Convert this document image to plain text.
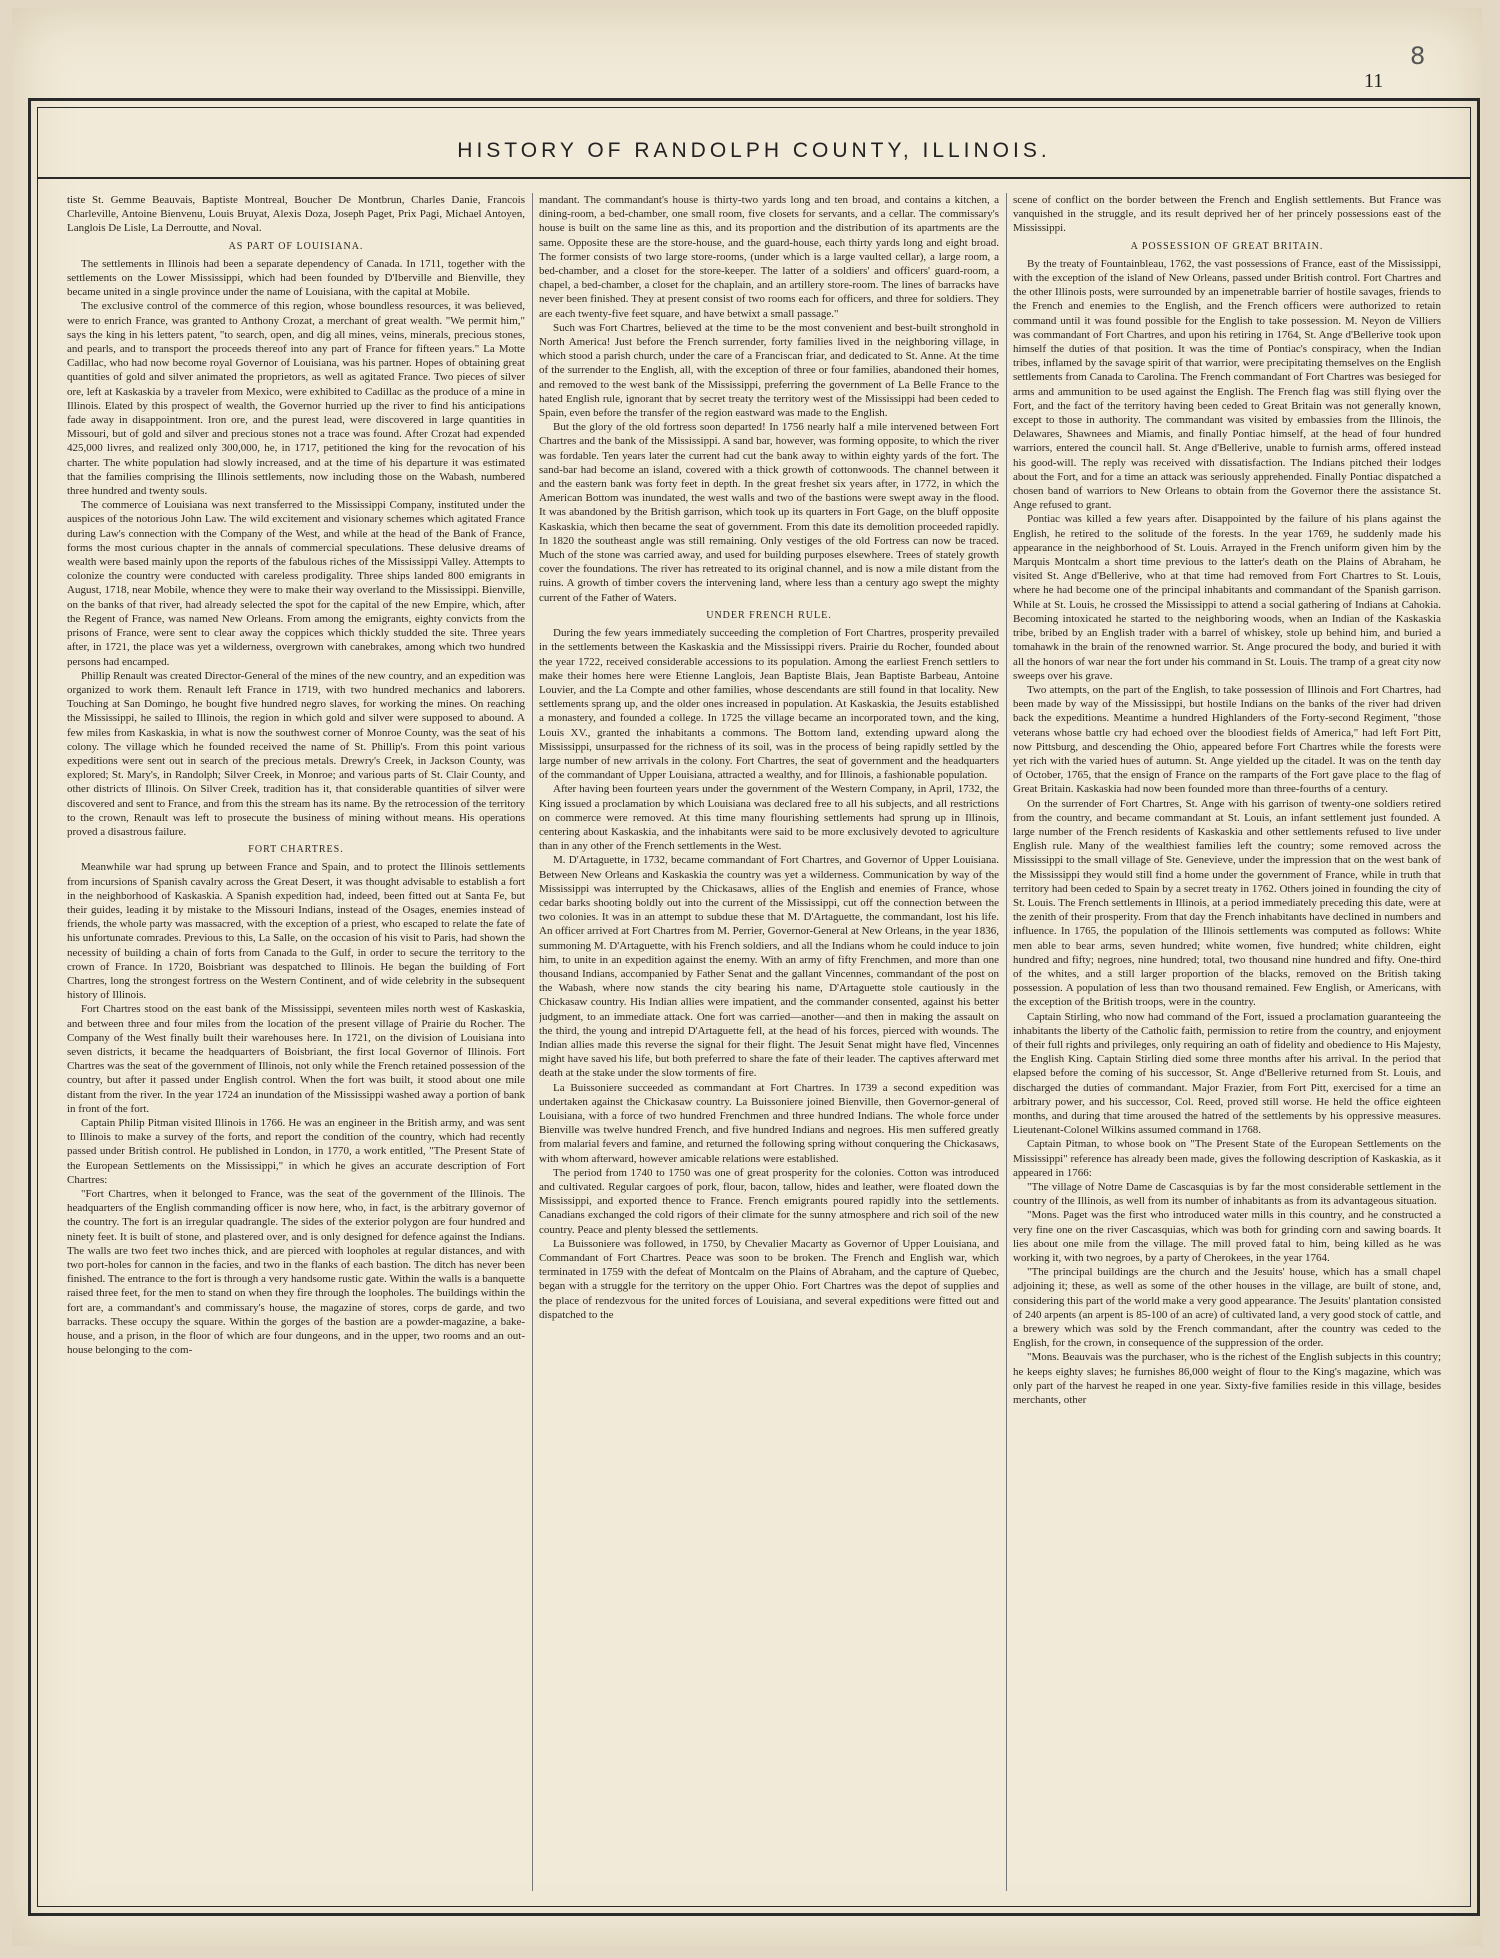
8
11
HISTORY OF RANDOLPH COUNTY, ILLINOIS.

tiste St. Gemme Beauvais, Baptiste Montreal, Boucher De Montbrun, Charles Danie, Francois Charleville, Antoine Bienvenu, Louis Bruyat, Alexis Doza, Joseph Paget, Prix Pagi, Michael Antoyen, Langlois De Lisle, La Derroutte, and Noval.

AS PART OF LOUISIANA.

The settlements in Illinois had been a separate dependency of Canada. In 1711, together with the settlements on the Lower Mississippi, which had been founded by D'Iberville and Bienville, they became united in a single province under the name of Louisiana, with the capital at Mobile.

The exclusive control of the commerce of this region, whose boundless resources, it was believed, were to enrich France, was granted to Anthony Crozat, a merchant of great wealth. "We permit him," says the king in his letters patent, "to search, open, and dig all mines, veins, minerals, precious stones, and pearls, and to transport the proceeds thereof into any part of France for fifteen years." La Motte Cadillac, who had now become royal Governor of Louisiana, was his partner. Hopes of obtaining great quantities of gold and silver animated the proprietors, as well as agitated France. Two pieces of silver ore, left at Kaskaskia by a traveler from Mexico, were exhibited to Cadillac as the produce of a mine in Illinois. Elated by this prospect of wealth, the Governor hurried up the river to find his anticipations fade away in disappointment. Iron ore, and the purest lead, were discovered in large quantities in Missouri, but of gold and silver and precious stones not a trace was found. After Crozat had expended 425,000 livres, and realized only 300,000, he, in 1717, petitioned the king for the revocation of his charter. The white population had slowly increased, and at the time of his departure it was estimated that the families comprising the Illinois settlements, now including those on the Wabash, numbered three hundred and twenty souls.

The commerce of Louisiana was next transferred to the Mississippi Company, instituted under the auspices of the notorious John Law. The wild excitement and visionary schemes which agitated France during Law's connection with the Company of the West, and while at the head of the Bank of France, forms the most curious chapter in the annals of commercial speculations. These delusive dreams of wealth were based mainly upon the reports of the fabulous riches of the Mississippi Valley. Attempts to colonize the country were conducted with careless prodigality. Three ships landed 800 emigrants in August, 1718, near Mobile, whence they were to make their way overland to the Mississippi. Bienville, on the banks of that river, had already selected the spot for the capital of the new Empire, which, after the Regent of France, was named New Orleans. From among the emigrants, eighty convicts from the prisons of France, were sent to clear away the coppices which thickly studded the site. Three years after, in 1721, the place was yet a wilderness, overgrown with canebrakes, among which two hundred persons had encamped.

Phillip Renault was created Director-General of the mines of the new country, and an expedition was organized to work them. Renault left France in 1719, with two hundred mechanics and laborers. Touching at San Domingo, he bought five hundred negro slaves, for working the mines. On reaching the Mississippi, he sailed to Illinois, the region in which gold and silver were supposed to abound. A few miles from Kaskaskia, in what is now the southwest corner of Monroe County, was the seat of his colony. The village which he founded received the name of St. Phillip's. From this point various expeditions were sent out in search of the precious metals. Drewry's Creek, in Jackson County, was explored; St. Mary's, in Randolph; Silver Creek, in Monroe; and various parts of St. Clair County, and other districts of Illinois. On Silver Creek, tradition has it, that considerable quantities of silver were discovered and sent to France, and from this the stream has its name. By the retrocession of the territory to the crown, Renault was left to prosecute the business of mining without means. His operations proved a disastrous failure.

FORT CHARTRES.

Meanwhile war had sprung up between France and Spain, and to protect the Illinois settlements from incursions of Spanish cavalry across the Great Desert, it was thought advisable to establish a fort in the neighborhood of Kaskaskia. A Spanish expedition had, indeed, been fitted out at Santa Fe, but their guides, leading it by mistake to the Missouri Indians, instead of the Osages, enemies instead of friends, the whole party was massacred, with the exception of a priest, who escaped to relate the fate of his unfortunate comrades. Previous to this, La Salle, on the occasion of his visit to Paris, had shown the necessity of building a chain of forts from Canada to the Gulf, in order to secure the territory to the crown of France. In 1720, Boisbriant was despatched to Illinois. He began the building of Fort Chartres, long the strongest fortress on the Western Continent, and of wide celebrity in the subsequent history of Illinois.

Fort Chartres stood on the east bank of the Mississippi, seventeen miles north west of Kaskaskia, and between three and four miles from the location of the present village of Prairie du Rocher. The Company of the West finally built their warehouses here. In 1721, on the division of Louisiana into seven districts, it became the headquarters of Boisbriant, the first local Governor of Illinois. Fort Chartres was the seat of the government of Illinois, not only while the French retained possession of the country, but after it passed under English control. When the fort was built, it stood about one mile distant from the river. In the year 1724 an inundation of the Mississippi washed away a portion of bank in front of the fort.

Captain Philip Pitman visited Illinois in 1766. He was an engineer in the British army, and was sent to Illinois to make a survey of the forts, and report the condition of the country, which had recently passed under British control. He published in London, in 1770, a work entitled, "The Present State of the European Settlements on the Mississippi," in which he gives an accurate description of Fort Chartres:

"Fort Chartres, when it belonged to France, was the seat of the government of the Illinois. The headquarters of the English commanding officer is now here, who, in fact, is the arbitrary governor of the country. The fort is an irregular quadrangle. The sides of the exterior polygon are four hundred and ninety feet. It is built of stone, and plastered over, and is only designed for defence against the Indians. The walls are two feet two inches thick, and are pierced with loopholes at regular distances, and with two port-holes for cannon in the facies, and two in the flanks of each bastion. The ditch has never been finished. The entrance to the fort is through a very handsome rustic gate. Within the walls is a banquette raised three feet, for the men to stand on when they fire through the loopholes. The buildings within the fort are, a commandant's and commissary's house, the magazine of stores, corps de garde, and two barracks. These occupy the square. Within the gorges of the bastion are a powder-magazine, a bake-house, and a prison, in the floor of which are four dungeons, and in the upper, two rooms and an out-house belonging to the com-

mandant. The commandant's house is thirty-two yards long and ten broad, and contains a kitchen, a dining-room, a bed-chamber, one small room, five closets for servants, and a cellar. The commissary's house is built on the same line as this, and its proportion and the distribution of its apartments are the same. Opposite these are the store-house, and the guard-house, each thirty yards long and eight broad. The former consists of two large store-rooms, (under which is a large vaulted cellar), a large room, a bed-chamber, and a closet for the store-keeper. The latter of a soldiers' and officers' guard-room, a chapel, a bed-chamber, a closet for the chaplain, and an artillery store-room. The lines of barracks have never been finished. They at present consist of two rooms each for officers, and three for soldiers. They are each twenty-five feet square, and have betwixt a small passage."

Such was Fort Chartres, believed at the time to be the most convenient and best-built stronghold in North America! Just before the French surrender, forty families lived in the neighboring village, in which stood a parish church, under the care of a Franciscan friar, and dedicated to St. Anne. At the time of the surrender to the English, all, with the exception of three or four families, abandoned their homes, and removed to the west bank of the Mississippi, preferring the government of La Belle France to the hated English rule, ignorant that by secret treaty the territory west of the Mississippi had been ceded to Spain, even before the transfer of the region eastward was made to the English.

But the glory of the old fortress soon departed! In 1756 nearly half a mile intervened between Fort Chartres and the bank of the Mississippi. A sand bar, however, was forming opposite, to which the river was fordable. Ten years later the current had cut the bank away to within eighty yards of the fort. The sand-bar had become an island, covered with a thick growth of cottonwoods. The channel between it and the eastern bank was forty feet in depth. In the great freshet six years after, in 1772, in which the American Bottom was inundated, the west walls and two of the bastions were swept away in the flood. It was abandoned by the British garrison, which took up its quarters in Fort Gage, on the bluff opposite Kaskaskia, which then became the seat of government. From this date its demolition proceeded rapidly. In 1820 the southeast angle was still remaining. Only vestiges of the old Fortress can now be traced. Much of the stone was carried away, and used for building purposes elsewhere. Trees of stately growth cover the foundations. The river has retreated to its original channel, and is now a mile distant from the ruins. A growth of timber covers the intervening land, where less than a century ago swept the mighty current of the Father of Waters.

UNDER FRENCH RULE.

During the few years immediately succeeding the completion of Fort Chartres, prosperity prevailed in the settlements between the Kaskaskia and the Mississippi rivers. Prairie du Rocher, founded about the year 1722, received considerable accessions to its population. Among the earliest French settlers to make their homes here were Etienne Langlois, Jean Baptiste Blais, Jean Baptiste Barbeau, Antoine Louvier, and the La Compte and other families, whose descendants are still found in that locality. New settlements sprang up, and the older ones increased in population. At Kaskaskia, the Jesuits established a monastery, and founded a college. In 1725 the village became an incorporated town, and the king, Louis XV., granted the inhabitants a commons. The Bottom land, extending upward along the Mississippi, unsurpassed for the richness of its soil, was in the process of being rapidly settled by the large number of new arrivals in the colony. Fort Chartres, the seat of government and the headquarters of the commandant of Upper Louisiana, attracted a wealthy, and for Illinois, a fashionable population.

After having been fourteen years under the government of the Western Company, in April, 1732, the King issued a proclamation by which Louisiana was declared free to all his subjects, and all restrictions on commerce were removed. At this time many flourishing settlements had sprung up in Illinois, centering about Kaskaskia, and the inhabitants were said to be more exclusively devoted to agriculture than in any other of the French settlements in the West.

M. D'Artaguette, in 1732, became commandant of Fort Chartres, and Governor of Upper Louisiana. Between New Orleans and Kaskaskia the country was yet a wilderness. Communication by way of the Mississippi was interrupted by the Chickasaws, allies of the English and enemies of France, whose cedar barks shooting boldly out into the current of the Mississippi, cut off the connection between the two colonies. It was in an attempt to subdue these that M. D'Artaguette, the commandant, lost his life. An officer arrived at Fort Chartres from M. Perrier, Governor-General at New Orleans, in the year 1836, summoning M. D'Artaguette, with his French soldiers, and all the Indians whom he could induce to join him, to unite in an expedition against the enemy. With an army of fifty Frenchmen, and more than one thousand Indians, accompanied by Father Senat and the gallant Vincennes, commandant of the post on the Wabash, where now stands the city bearing his name, D'Artaguette stole cautiously in the Chickasaw country. His Indian allies were impatient, and the commander consented, against his better judgment, to an immediate attack. One fort was carried—another—and then in making the assault on the third, the young and intrepid D'Artaguette fell, at the head of his forces, pierced with wounds. The Indian allies made this reverse the signal for their flight. The Jesuit Senat might have fled, Vincennes might have saved his life, but both preferred to share the fate of their leader. The captives afterward met death at the stake under the slow torments of fire.

La Buissoniere succeeded as commandant at Fort Chartres. In 1739 a second expedition was undertaken against the Chickasaw country. La Buissoniere joined Bienville, then Governor-general of Louisiana, with a force of two hundred Frenchmen and three hundred Indians. The whole force under Bienville was twelve hundred French, and five hundred Indians and negroes. His men suffered greatly from malarial fevers and famine, and returned the following spring without conquering the Chickasaws, with whom afterward, however amicable relations were established.

The period from 1740 to 1750 was one of great prosperity for the colonies. Cotton was introduced and cultivated. Regular cargoes of pork, flour, bacon, tallow, hides and leather, were floated down the Mississippi, and exported thence to France. French emigrants poured rapidly into the settlements. Canadians exchanged the cold rigors of their climate for the sunny atmosphere and rich soil of the new country. Peace and plenty blessed the settlements.

La Buissoniere was followed, in 1750, by Chevalier Macarty as Governor of Upper Louisiana, and Commandant of Fort Chartres. Peace was soon to be broken. The French and English war, which terminated in 1759 with the defeat of Montcalm on the Plains of Abraham, and the capture of Quebec, began with a struggle for the territory on the upper Ohio. Fort Chartres was the depot of supplies and the place of rendezvous for the united forces of Louisiana, and several expeditions were fitted out and dispatched to the

scene of conflict on the border between the French and English settlements. But France was vanquished in the struggle, and its result deprived her of her princely possessions east of the Mississippi.

A POSSESSION OF GREAT BRITAIN.

By the treaty of Fountainbleau, 1762, the vast possessions of France, east of the Mississippi, with the exception of the island of New Orleans, passed under British control. Fort Chartres and the other Illinois posts, were surrounded by an impenetrable barrier of hostile savages, friends to the French and enemies to the English, and the French officers were authorized to retain command until it was found possible for the English to take possession. M. Neyon de Villiers was commandant of Fort Chartres, and upon his retiring in 1764, St. Ange d'Bellerive took upon himself the duties of that position. It was the time of Pontiac's conspiracy, when the Indian tribes, inflamed by the savage spirit of that warrior, were precipitating themselves on the English settlements from Canada to Carolina. The French commandant of Fort Chartres was besieged for arms and ammunition to be used against the English. The French flag was still flying over the Fort, and the fact of the territory having been ceded to Great Britain was not generally known, except to those in authority. The commandant was visited by embassies from the Illinois, the Delawares, Shawnees and Miamis, and finally Pontiac himself, at the head of four hundred warriors, entered the council hall. St. Ange d'Bellerive, unable to furnish arms, offered instead his good-will. The reply was received with dissatisfaction. The Indians pitched their lodges about the Fort, and for a time an attack was seriously apprehended. Finally Pontiac dispatched a chosen band of warriors to New Orleans to obtain from the Governor there the assistance St. Ange refused to grant.

Pontiac was killed a few years after. Disappointed by the failure of his plans against the English, he retired to the solitude of the forests. In the year 1769, he suddenly made his appearance in the neighborhood of St. Louis. Arrayed in the French uniform given him by the Marquis Montcalm a short time previous to the latter's death on the Plains of Abraham, he visited St. Ange d'Bellerive, who at that time had removed from Fort Chartres to St. Louis, where he had become one of the principal inhabitants and commandant of the Spanish garrison. While at St. Louis, he crossed the Mississippi to attend a social gathering of Indians at Cahokia. Becoming intoxicated he started to the neighboring woods, when an Indian of the Kaskaskia tribe, bribed by an English trader with a barrel of whiskey, stole up behind him, and buried a tomahawk in the brain of the renowned warrior. St. Ange procured the body, and buried it with all the honors of war near the fort under his command in St. Louis. The tramp of a great city now sweeps over his grave.

Two attempts, on the part of the English, to take possession of Illinois and Fort Chartres, had been made by way of the Mississippi, but hostile Indians on the banks of the river had driven back the expeditions. Meantime a hundred Highlanders of the Forty-second Regiment, "those veterans whose battle cry had echoed over the bloodiest fields of America," had left Fort Pitt, now Pittsburg, and descending the Ohio, appeared before Fort Chartres while the forests were yet rich with the varied hues of autumn. St. Ange yielded up the citadel. It was on the tenth day of October, 1765, that the ensign of France on the ramparts of the Fort gave place to the flag of Great Britain. Kaskaskia had now been founded more than three-fourths of a century.

On the surrender of Fort Chartres, St. Ange with his garrison of twenty-one soldiers retired from the country, and became commandant at St. Louis, an infant settlement just founded. A large number of the French residents of Kaskaskia and other settlements refused to live under English rule. Many of the wealthiest families left the country; some removed across the Mississippi to the small village of Ste. Genevieve, under the impression that on the west bank of the Mississippi they would still find a home under the government of France, while in truth that territory had been ceded to Spain by a secret treaty in 1762. Others joined in founding the city of St. Louis. The French settlements in Illinois, at a period immediately preceding this date, were at the zenith of their prosperity. From that day the French inhabitants have declined in numbers and influence. In 1765, the population of the Illinois settlements was computed as follows: White men able to bear arms, seven hundred; white women, five hundred; white children, eight hundred and fifty; negroes, nine hundred; total, two thousand nine hundred and fifty. One-third of the whites, and a still larger proportion of the blacks, removed on the British taking possession. A population of less than two thousand remained. Few English, or Americans, with the exception of the British troops, were in the country.

Captain Stirling, who now had command of the Fort, issued a proclamation guaranteeing the inhabitants the liberty of the Catholic faith, permission to retire from the country, and enjoyment of their full rights and privileges, only requiring an oath of fidelity and obedience to His Majesty, the English King. Captain Stirling died some three months after his arrival. In the period that elapsed before the coming of his successor, St. Ange d'Bellerive returned from St. Louis, and discharged the duties of commandant. Major Frazier, from Fort Pitt, exercised for a time an arbitrary power, and his successor, Col. Reed, proved still worse. He held the office eighteen months, and during that time aroused the hatred of the settlements by his oppressive measures. Lieutenant-Colonel Wilkins assumed command in 1768.

Captain Pitman, to whose book on "The Present State of the European Settlements on the Mississippi" reference has already been made, gives the following description of Kaskaskia, as it appeared in 1766:

"The village of Notre Dame de Cascasquias is by far the most considerable settlement in the country of the Illinois, as well from its number of inhabitants as from its advantageous situation.

"Mons. Paget was the first who introduced water mills in this country, and he constructed a very fine one on the river Cascasquias, which was both for grinding corn and sawing boards. It lies about one mile from the village. The mill proved fatal to him, being killed as he was working it, with two negroes, by a party of Cherokees, in the year 1764.

"The principal buildings are the church and the Jesuits' house, which has a small chapel adjoining it; these, as well as some of the other houses in the village, are built of stone, and, considering this part of the world make a very good appearance. The Jesuits' plantation consisted of 240 arpents (an arpent is 85-100 of an acre) of cultivated land, a very good stock of cattle, and a brewery which was sold by the French commandant, after the country was ceded to the English, for the crown, in consequence of the suppression of the order.

"Mons. Beauvais was the purchaser, who is the richest of the English subjects in this country; he keeps eighty slaves; he furnishes 86,000 weight of flour to the King's magazine, which was only part of the harvest he reaped in one year. Sixty-five families reside in this village, besides merchants, other
